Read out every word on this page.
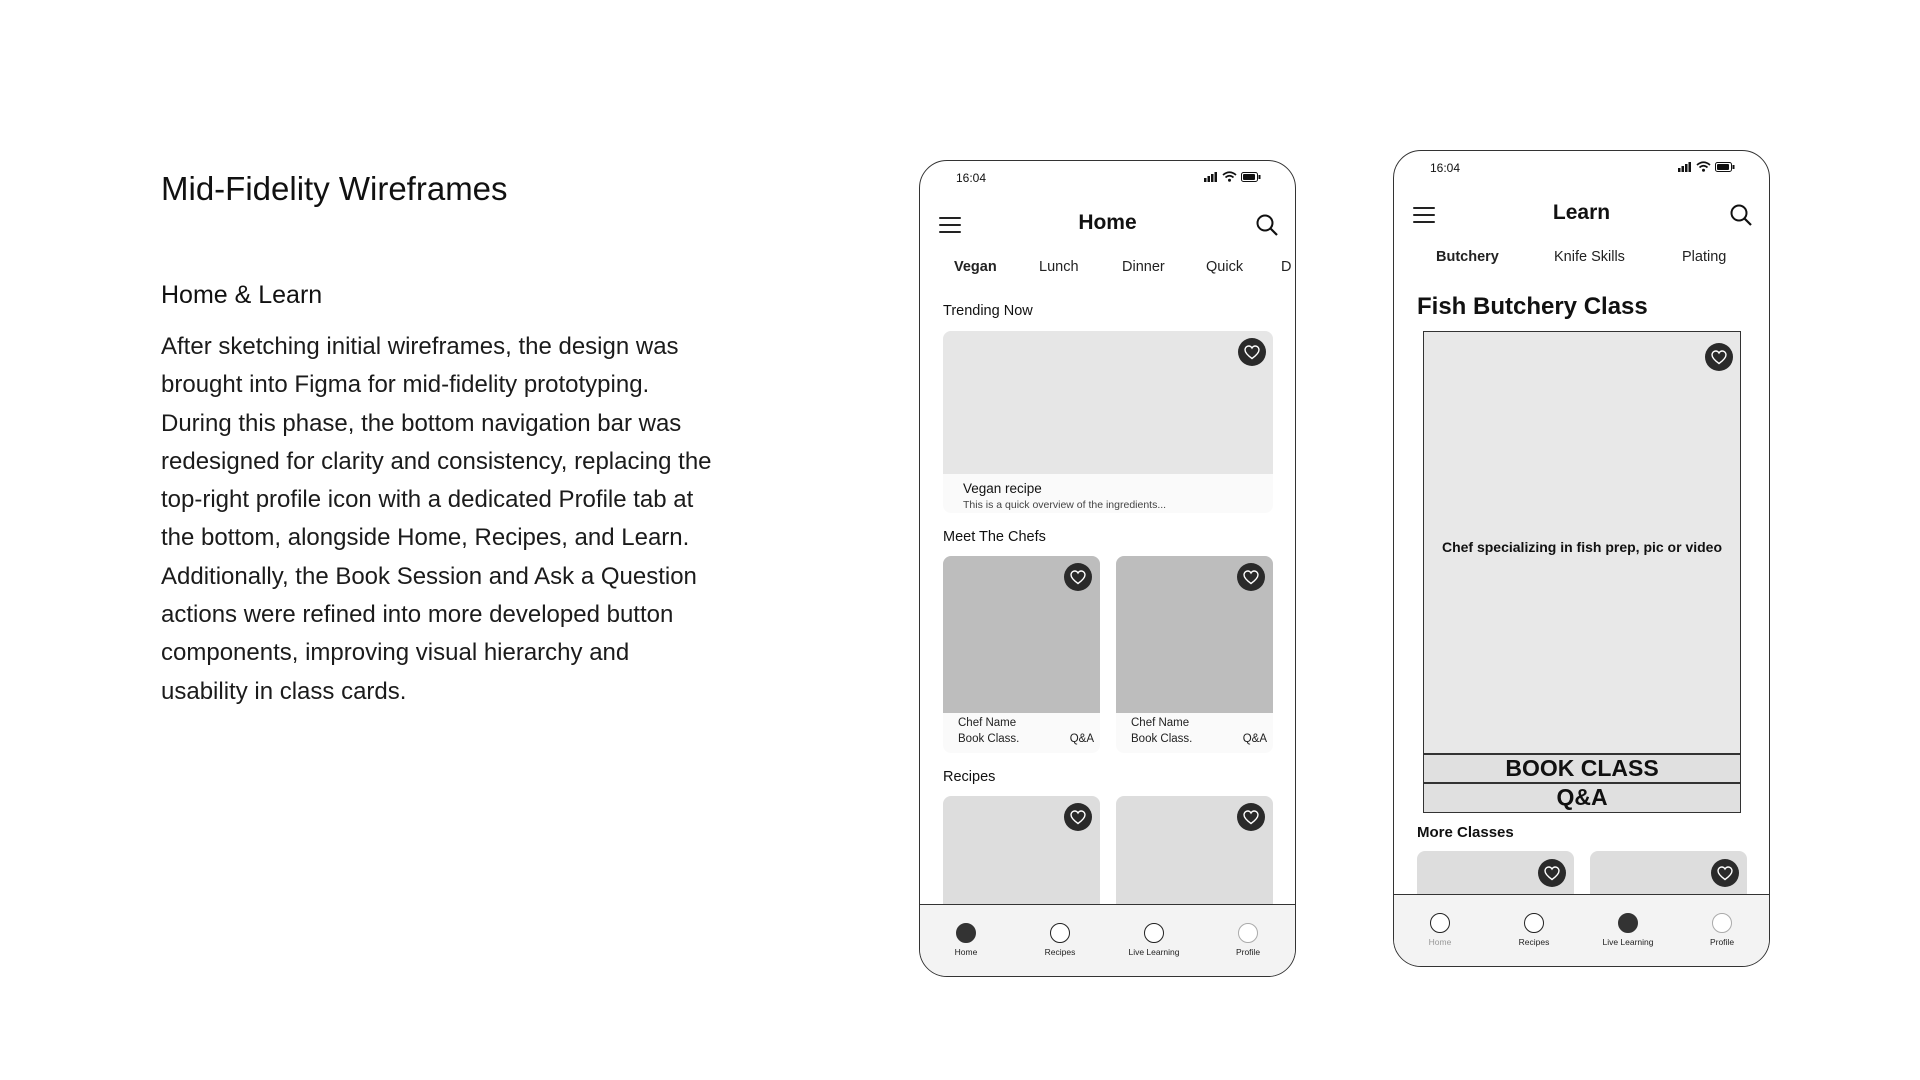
Mid-Fidelity Wireframes
Home & Learn
After sketching initial wireframes, the design was brought into Figma for mid-fidelity prototyping. During this phase, the bottom navigation bar was redesigned for clarity and consistency, replacing the top-right profile icon with a dedicated Profile tab at the bottom, alongside Home, Recipes, and Learn. Additionally, the Book Session and Ask a Question actions were refined into more developed button components, improving visual hierarchy and usability in class cards.
16:04
Home
Vegan	Lunch	Dinner	Quick	D
Trending Now
Vegan recipe
This is a quick overview of the ingredients...
Meet The Chefs
Chef Name
Book Class.	Q&A
Chef Name
Book Class.	Q&A
Recipes
Home	Recipes	Live Learning	Profile
16:04
Learn
Butchery	Knife Skills	Plating
Fish Butchery Class
Chef specializing in fish prep, pic or video
BOOK CLASS
Q&A
More Classes
Home	Recipes	Live Learning	Profile
